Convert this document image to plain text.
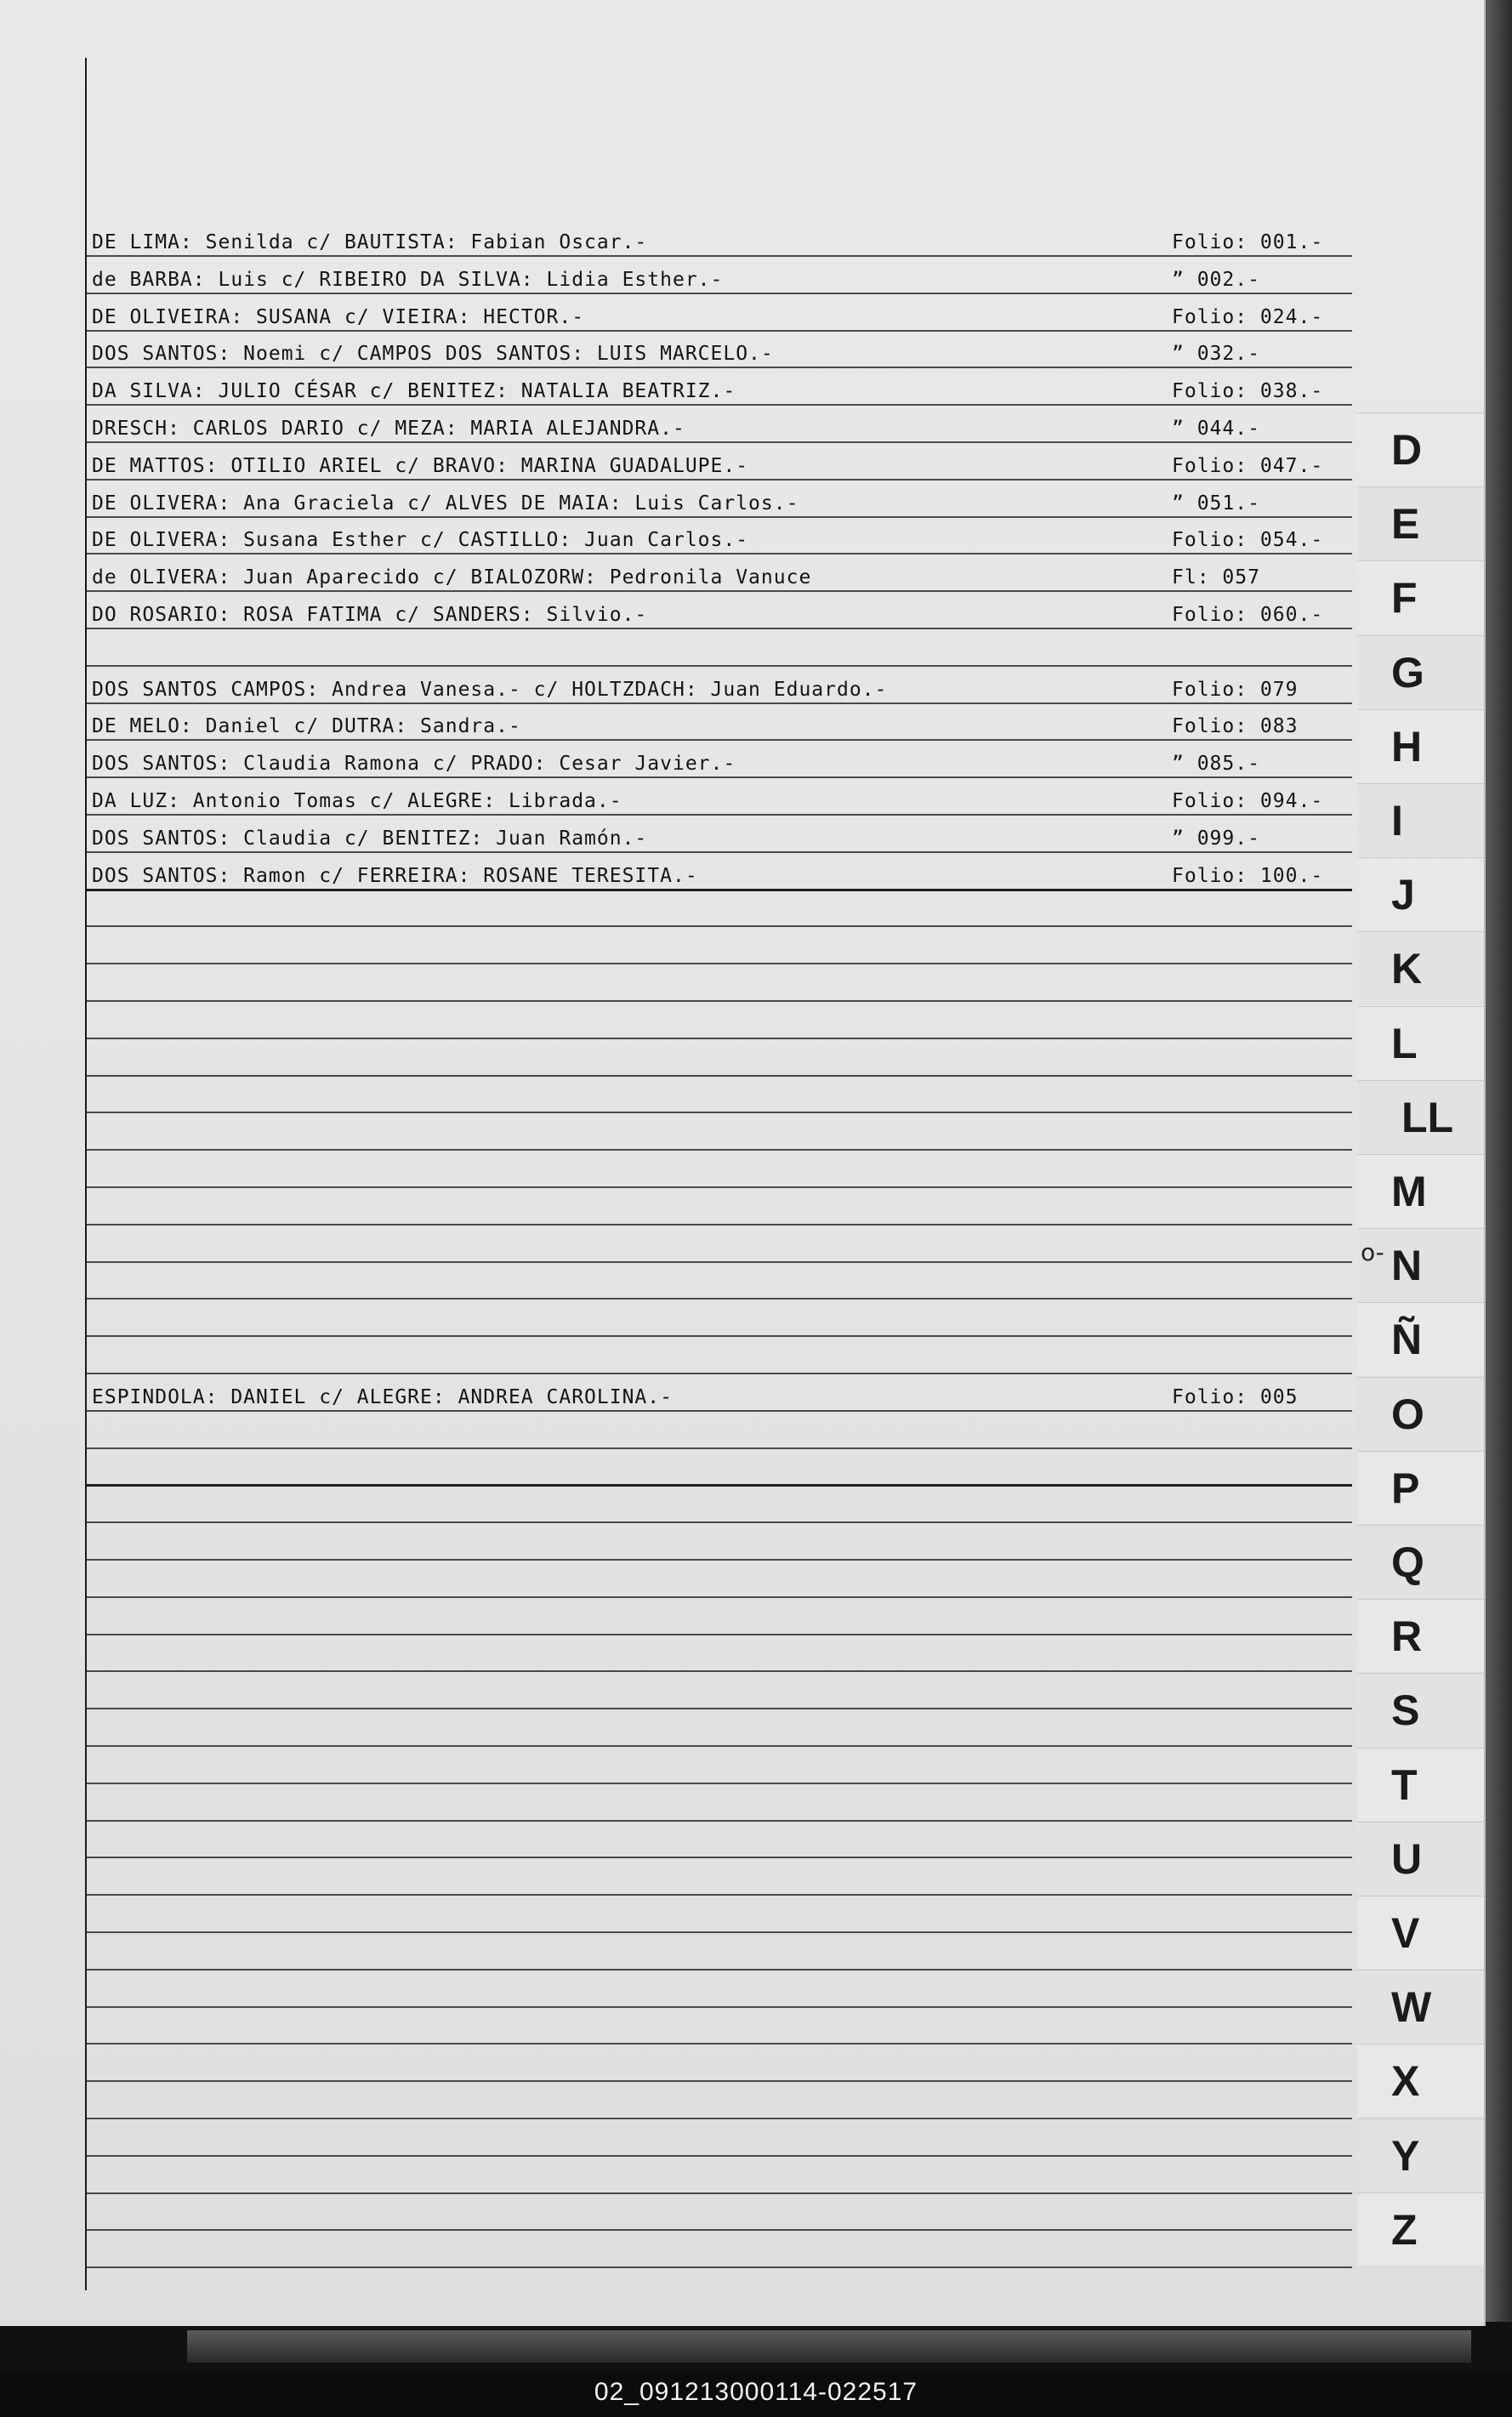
DE LIMA: Senilda c/ BAUTISTA: Fabian Oscar.-	Folio: 001.-
de BARBA: Luis c/ RIBEIRO DA SILVA: Lidia Esther.-	” 002.-
DE OLIVEIRA: SUSANA c/ VIEIRA: HECTOR.-	Folio: 024.-
DOS SANTOS: Noemi c/ CAMPOS DOS SANTOS: LUIS MARCELO.-	” 032.-
DA SILVA: JULIO CÉSAR c/ BENITEZ: NATALIA BEATRIZ.-	Folio: 038.-
DRESCH: CARLOS DARIO c/ MEZA: MARIA ALEJANDRA.-	” 044.-
DE MATTOS: OTILIO ARIEL c/ BRAVO: MARINA GUADALUPE.-	Folio: 047.-
DE OLIVERA: Ana Graciela c/ ALVES DE MAIA: Luis Carlos.-	” 051.-
DE OLIVERA: Susana Esther c/ CASTILLO: Juan Carlos.-	Folio: 054.-
de OLIVERA: Juan Aparecido c/ BIALOZORW: Pedronila Vanuce	Fl: 057
DO ROSARIO: ROSA FATIMA c/ SANDERS: Silvio.-	Folio: 060.-
DOS SANTOS CAMPOS: Andrea Vanesa.- c/ HOLTZDACH: Juan Eduardo.-	Folio: 079
DE MELO: Daniel c/ DUTRA: Sandra.-	Folio: 083
DOS SANTOS: Claudia Ramona c/ PRADO: Cesar Javier.-	” 085.-
DA LUZ: Antonio Tomas c/ ALEGRE: Librada.-	Folio: 094.-
DOS SANTOS: Claudia c/ BENITEZ: Juan Ramón.-	” 099.-
DOS SANTOS: Ramon c/ FERREIRA: ROSANE TERESITA.-	Folio: 100.-
ESPINDOLA: DANIEL c/ ALEGRE: ANDREA CAROLINA.-	Folio: 005
D
E
F
G
H
I
J
K
L
LL
M
N
Ñ
O
P
Q
R
S
T
U
V
W
X
Y
Z
o-
02_091213000114-022517
